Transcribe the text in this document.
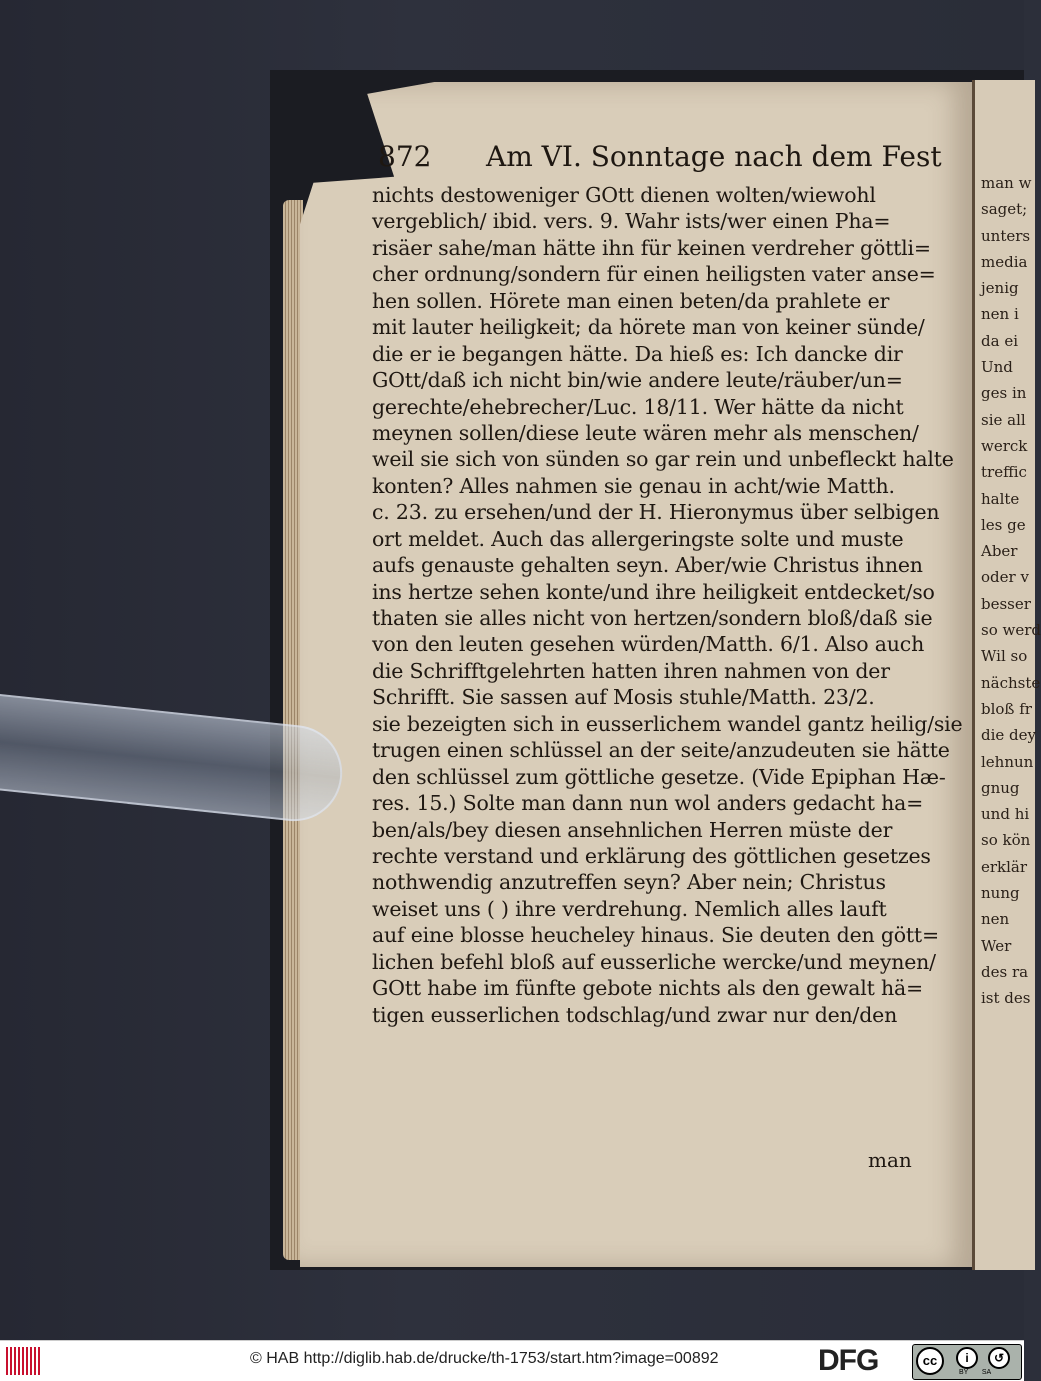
man w
saget;
unters
media
jenig
nen i
da ei
Und
ges in
sie all
werck
treffic
halte
les ge
Aber
oder v
besser
so werd
Wil so
nächste
bloß fr
die dey
lehnun
gnug
und hi
so kön
erklär
nung
nen
Wer
des ra
ist des
872 Am VI. Sonntage nach dem Fest
nichts destoweniger GOtt dienen wolten/wiewohl
vergeblich/ ibid. vers. 9. Wahr ists/wer einen Pha=
risäer sahe/man hätte ihn für keinen verdreher göttli=
cher ordnung/sondern für einen heiligsten vater anse=
hen sollen. Hörete man einen beten/da prahlete er
mit lauter heiligkeit; da hörete man von keiner sünde/
die er ie begangen hätte. Da hieß es: Ich dancke dir
GOtt/daß ich nicht bin/wie andere leute/räuber/un=
gerechte/ehebrecher/Luc. 18/11. Wer hätte da nicht
meynen sollen/diese leute wären mehr als menschen/
weil sie sich von sünden so gar rein und unbefleckt halte
konten? Alles nahmen sie genau in acht/wie Matth.
c. 23. zu ersehen/und der H. Hieronymus über selbigen
ort meldet. Auch das allergeringste solte und muste
aufs genauste gehalten seyn. Aber/wie Christus ihnen
ins hertze sehen konte/und ihre heiligkeit entdecket/so
thaten sie alles nicht von hertzen/sondern bloß/daß sie
von den leuten gesehen würden/Matth. 6/1. Also auch
die Schrifftgelehrten hatten ihren nahmen von der
Schrifft. Sie sassen auf Mosis stuhle/Matth. 23/2.
sie bezeigten sich in eusserlichem wandel gantz heilig/sie
trugen einen schlüssel an der seite/anzudeuten sie hätte
den schlüssel zum göttliche gesetze. (Vide Epiphan Hæ-
res. 15.) Solte man dann nun wol anders gedacht ha=
ben/als/bey diesen ansehnlichen Herren müste der
rechte verstand und erklärung des göttlichen gesetzes
nothwendig anzutreffen seyn? Aber nein; Christus
weiset uns ( ) ihre verdrehung. Nemlich alles lauft
auf eine blosse heucheley hinaus. Sie deuten den gött=
lichen befehl bloß auf eusserliche wercke/und meynen/
GOtt habe im fünfte gebote nichts als den gewalt hä=
tigen eusserlichen todschlag/und zwar nur den/den
man
© HAB http://diglib.hab.de/drucke/th-1753/start.htm?image=00892	DFG	cc	i	↺
BY SA
